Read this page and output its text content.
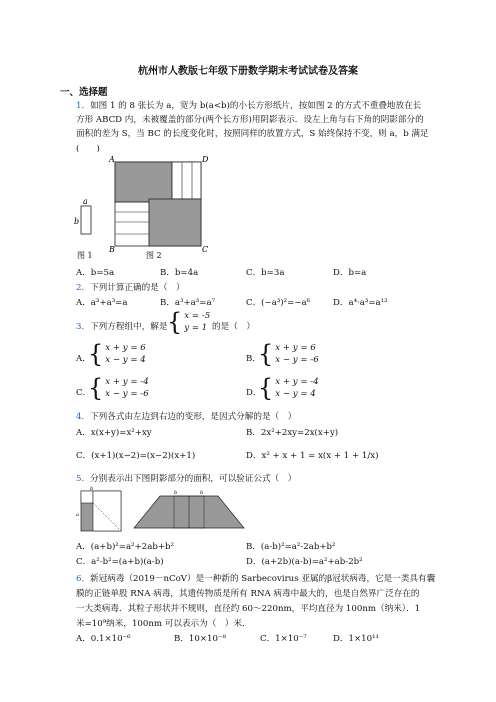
杭州市人教版七年级下册数学期末考试试卷及答案
一、选择题
1．如图 1 的 8 张长为 a，宽为 b(a<b)的小长方形纸片，按如图 2 的方式不重叠地放在长
方形 ABCD 内，未被覆盖的部分(两个长方形)用阴影表示．设左上角与右下角的阴影部分的
面积的差为 S，当 BC 的长度变化时，按照同样的放置方式，S 始终保持不变，则 a，b 满足
(　　)
a
b
图 1
A	D
B	C
图 2
A．b=5a	B．b=4a	C．b=3a	D．b=a
2．下列计算正确的是（　）
A．a³+a³=a	B．a³+a³=a⁷	C．(−a³)²=−a⁶	D．a⁴·a³=a¹²
3．下列方程组中，解是 { x = -5
y = 1 的是（　）
A．
{ x + y = 6
x − y = 4	B．
{ x + y = 6
x − y = -6
C．
{ x + y = -4
x − y = -6	D．
{ x + y = -4
x − y = 4
4．下列各式由左边到右边的变形，是因式分解的是（　）
A．x(x+y)=x²+xy	B．2x²+2xy=2x(x+y)
C．(x+1)(x−2)=(x−2)(x+1)	D．x² + x + 1 = x(x + 1 + 1/x)
5．分别表示出下图阴影部分的面积，可以验证公式（　）
b
a
b	b
A．(a+b)²=a²+2ab+b²	B．(a-b)²=a²-2ab+b²
C．a²-b²=(a+b)(a-b)	D．(a+2b)(a-b)=a²+ab-2b²
6．新冠病毒（2019－nCoV）是一种新的 Sarbecovirus 亚属的β冠状病毒，它是一类具有囊
膜的正链单股 RNA 病毒，其遗传物质是所有 RNA 病毒中最大的，也是自然界广泛存在的
一大类病毒．其粒子形状并不规则，直径约 60～220nm，平均直径为 100nm（纳米）．1
米=10⁹纳米，100nm 可以表示为（　）米．
A．0.1×10⁻⁶	B．10×10⁻⁸	C．1×10⁻⁷	D．1×10¹¹
